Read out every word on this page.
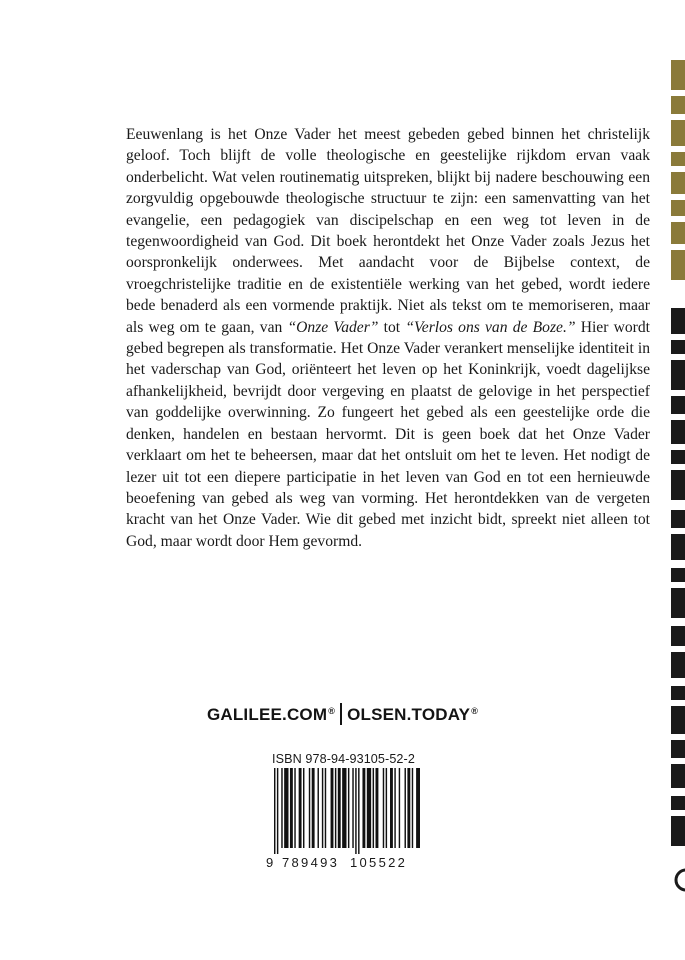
Eeuwenlang is het Onze Vader het meest gebeden gebed binnen het christelijk geloof. Toch blijft de volle theologische en geestelijke rijkdom ervan vaak onderbelicht. Wat velen routinematig uitspreken, blijkt bij nadere beschouwing een zorgvuldig opgebouwde theologische structuur te zijn: een samenvatting van het evangelie, een pedagogiek van discipelschap en een weg tot leven in de tegenwoordigheid van God. Dit boek herontdekt het Onze Vader zoals Jezus het oorspronkelijk onderwees. Met aandacht voor de Bijbelse context, de vroegchristelijke traditie en de existentiële werking van het gebed, wordt iedere bede benaderd als een vormende praktijk. Niet als tekst om te memoriseren, maar als weg om te gaan, van “Onze Vader” tot “Verlos ons van de Boze.” Hier wordt gebed begrepen als transformatie. Het Onze Vader verankert menselijke identiteit in het vaderschap van God, oriënteert het leven op het Koninkrijk, voedt dagelijkse afhankelijkheid, bevrijdt door vergeving en plaatst de gelovige in het perspectief van goddelijke overwinning. Zo fungeert het gebed als een geestelijke orde die denken, handelen en bestaan hervormt. Dit is geen boek dat het Onze Vader verklaart om het te beheersen, maar dat het ontsluit om het te leven. Het nodigt de lezer uit tot een diepere participatie in het leven van God en tot een hernieuwde beoefening van gebed als weg van vorming. Het herontdekken van de vergeten kracht van het Onze Vader. Wie dit gebed met inzicht bidt, spreekt niet alleen tot God, maar wordt door Hem gevormd.

GALILEE.COM® OLSEN.TODAY®
ISBN 978-94-93105-52-2
9 789493 105522
